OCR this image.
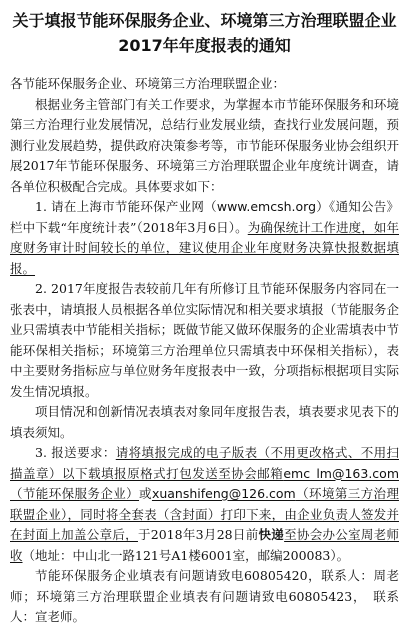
关于填报节能环保服务企业、环境第三方治理联盟企业
2017年年度报表的通知

各节能环保服务企业、环境第三方治理联盟企业：

根据业务主管部门有关工作要求，为掌握本市节能环保服务和环境第三方治理行业发展情况，总结行业发展业绩，查找行业发展问题，预测行业发展趋势，提供政府决策参考等，市节能环保服务业协会组织开展2017年节能环保服务、环境第三方治理联盟企业年度统计调查，请各单位积极配合完成。具体要求如下：

1. 请在上海市节能环保产业网（www.emcsh.org）《通知公告》栏中下载“年度统计表”（2018年3月6日）。为确保统计工作进度，如年度财务审计时间较长的单位，建议使用企业年度财务决算快报数据填报。

2. 2017年度报告表较前几年有所修订且节能环保服务内容同在一张表中，请填报人员根据各单位实际情况和相关要求填报（节能服务企业只需填表中节能相关指标；既做节能又做环保服务的企业需填表中节能环保相关指标；环境第三方治理单位只需填表中环保相关指标），表中主要财务指标应与单位财务年度报表中一致，分项指标根据项目实际发生情况填报。

项目情况和创新情况表填表对象同年度报告表，填表要求见表下的填表须知。

3. 报送要求：请将填报完成的电子版表（不用更改格式、不用扫描盖章）以下载填报原格式打包发送至协会邮箱emc_lm@163.com（节能环保服务企业）或xuanshifeng@126.com（环境第三方治理联盟企业），同时将全套表（含封面）打印下来，由企业负责人签发并在封面上加盖公章后，于2018年3月28日前快递至协会办公室周老师收（地址：中山北一路121号A1楼6001室，邮编200083）。

节能环保服务企业填表有问题请致电60805420，联系人：周老师；环境第三方治理联盟企业填表有问题请致电60805423，　联系人：宣老师。
